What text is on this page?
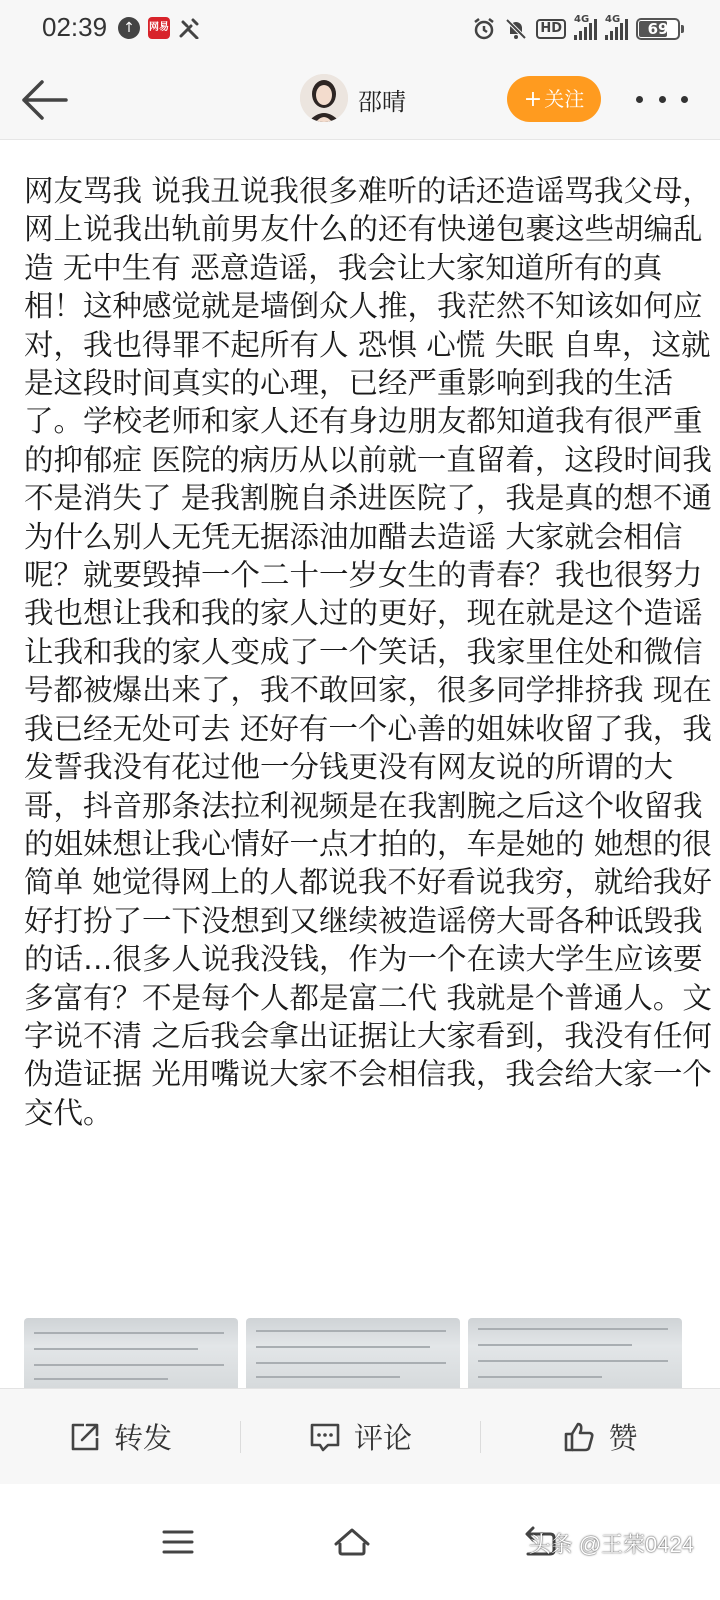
02:39	↑	网易	HD
4G 4G
69
邵晴	+ 关注
网友骂我 说我丑说我很多难听的话还造谣骂我父母，网上说我出轨前男友什么的还有快递包裹这些胡编乱造 无中生有 恶意造谣，我会让大家知道所有的真相！这种感觉就是墙倒众人推，我茫然不知该如何应对，我也得罪不起所有人 恐惧 心慌 失眠 自卑，这就是这段时间真实的心理，已经严重影响到我的生活了。学校老师和家人还有身边朋友都知道我有很严重的抑郁症 医院的病历从以前就一直留着，这段时间我不是消失了 是我割腕自杀进医院了，我是真的想不通为什么别人无凭无据添油加醋去造谣 大家就会相信呢？就要毁掉一个二十一岁女生的青春？我也很努力 我也想让我和我的家人过的更好，现在就是这个造谣让我和我的家人变成了一个笑话，我家里住处和微信号都被爆出来了，我不敢回家，很多同学排挤我 现在我已经无处可去 还好有一个心善的姐妹收留了我，我发誓我没有花过他一分钱更没有网友说的所谓的大哥，抖音那条法拉利视频是在我割腕之后这个收留我的姐妹想让我心情好一点才拍的，车是她的 她想的很简单 她觉得网上的人都说我不好看说我穷，就给我好好打扮了一下没想到又继续被造谣傍大哥各种诋毁我的话…很多人说我没钱，作为一个在读大学生应该要多富有？不是每个人都是富二代 我就是个普通人。文字说不清 之后我会拿出证据让大家看到，我没有任何伪造证据 光用嘴说大家不会相信我，我会给大家一个交代。
转发	评论	赞
头条 @王荣0424
